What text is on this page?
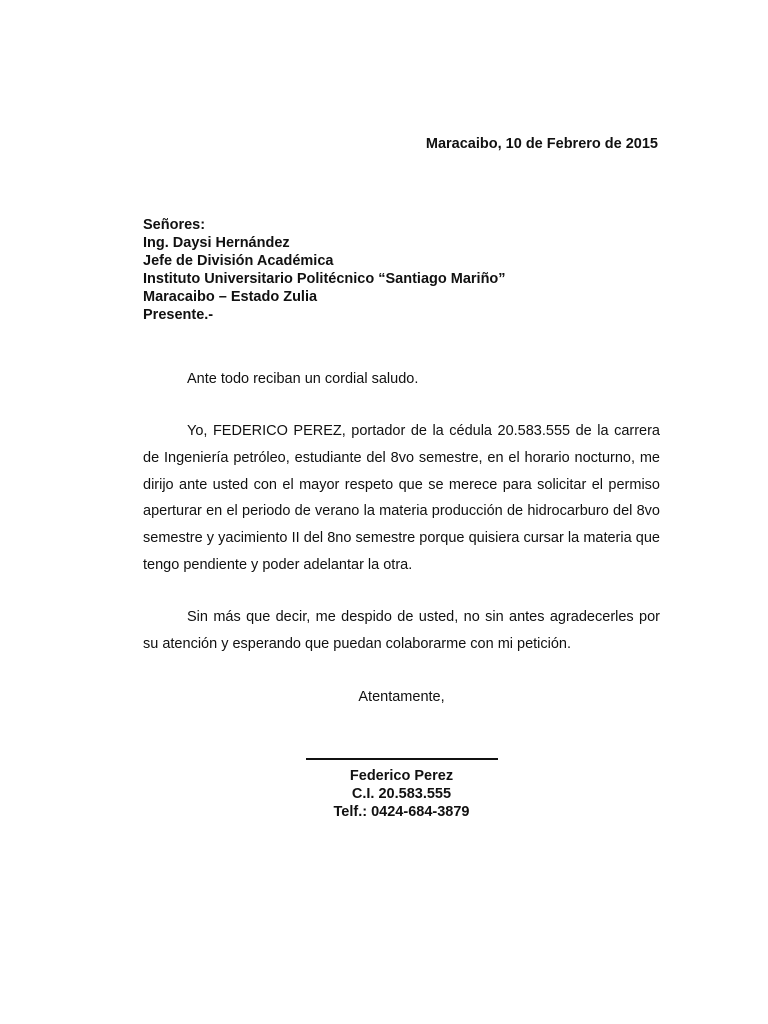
Maracaibo, 10 de Febrero de 2015
Señores:
Ing. Daysi Hernández
Jefe de División Académica
Instituto Universitario Politécnico “Santiago Mariño”
Maracaibo – Estado Zulia
Presente.-

Ante todo reciban un cordial saludo.

Yo, FEDERICO PEREZ, portador de la cédula 20.583.555 de la carrera de Ingeniería petróleo, estudiante del 8vo semestre, en el horario nocturno, me dirijo ante usted con el mayor respeto que se merece para solicitar el permiso aperturar en el periodo de verano la materia producción de hidrocarburo del 8vo semestre y yacimiento II del 8no semestre porque quisiera cursar la materia que tengo pendiente y poder adelantar la otra.

Sin más que decir, me despido de usted, no sin antes agradecerles por su atención y esperando que puedan colaborarme con mi petición.

Atentamente,
Federico Perez
C.I. 20.583.555
Telf.: 0424-684-3879
